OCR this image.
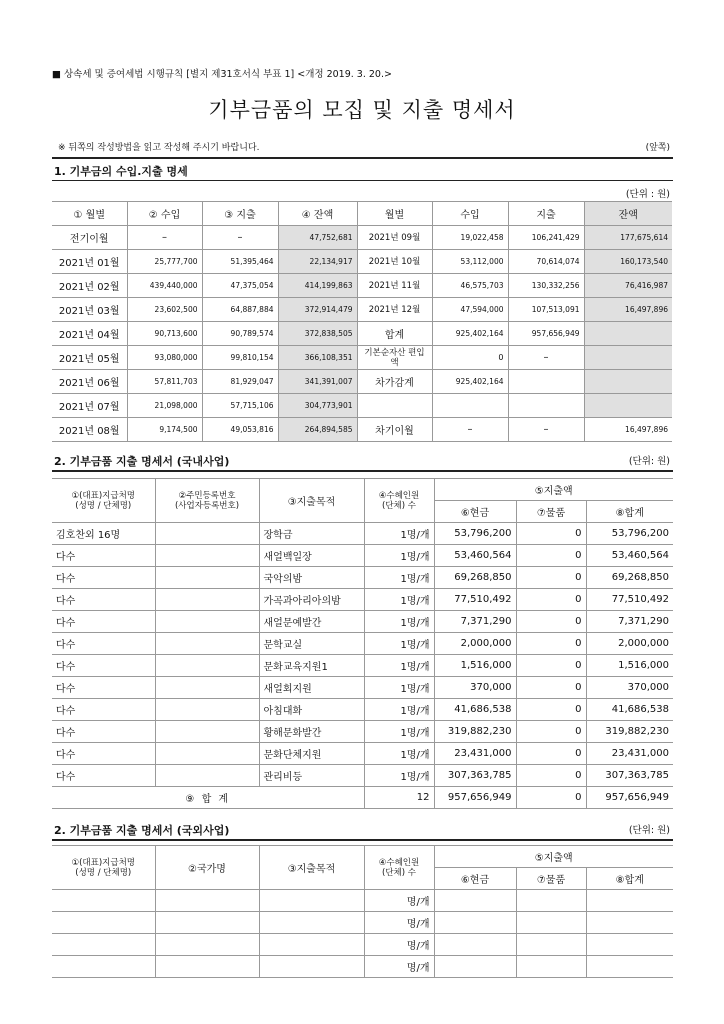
■ 상속세 및 증여세법 시행규칙 [별지 제31호서식 부표 1] <개정 2019. 3. 20.>
기부금품의 모집 및 지출 명세서
※ 뒤쪽의 작성방법을 읽고 작성해 주시기 바랍니다.	(앞쪽)
1. 기부금의 수입.지출 명세
(단위 : 원)
① 월별	② 수입	③ 지출	④ 잔액	월별	수입	지출	잔액
전기이월	–	–	47,752,681	2021년 09월	19,022,458	106,241,429	177,675,614
2021년 01월	25,777,700	51,395,464	22,134,917	2021년 10월	53,112,000	70,614,074	160,173,540
2021년 02월	439,440,000	47,375,054	414,199,863	2021년 11월	46,575,703	130,332,256	76,416,987
2021년 03월	23,602,500	64,887,884	372,914,479	2021년 12월	47,594,000	107,513,091	16,497,896
2021년 04월	90,713,600	90,789,574	372,838,505	합계	925,402,164	957,656,949	
2021년 05월	93,080,000	99,810,154	366,108,351	기본순자산 편입액	0	–	
2021년 06월	57,811,703	81,929,047	341,391,007	차가감계	925,402,164		
2021년 07월	21,098,000	57,715,106	304,773,901				
2021년 08월	9,174,500	49,053,816	264,894,585	차기이월	–	–	16,497,896
2. 기부금품 지출 명세서 (국내사업)	(단위: 원)
①(대표)지급처명
(성명 / 단체명)	②주민등록번호
(사업자등록번호)	③지출목적	④수혜인원
(단체) 수	⑤지출액		
				⑥현금	⑦물품	⑧합계
김호찬외 16명		장학금	1명/개	53,796,200	0	53,796,200
다수		새얼백일장	1명/개	53,460,564	0	53,460,564
다수		국악의밤	1명/개	69,268,850	0	69,268,850
다수		가곡과아리아의밤	1명/개	77,510,492	0	77,510,492
다수		새얼문예발간	1명/개	7,371,290	0	7,371,290
다수		문학교실	1명/개	2,000,000	0	2,000,000
다수		문화교육지원1	1명/개	1,516,000	0	1,516,000
다수		새얼회지원	1명/개	370,000	0	370,000
다수		아침대화	1명/개	41,686,538	0	41,686,538
다수		황해문화발간	1명/개	319,882,230	0	319,882,230
다수		문화단체지원	1명/개	23,431,000	0	23,431,000
다수		관리비등	1명/개	307,363,785	0	307,363,785
⑨ 합 계			12	957,656,949	0	957,656,949
2. 기부금품 지출 명세서 (국외사업)	(단위: 원)
①(대표)지급처명
(성명 / 단체명)	②국가명	③지출목적	④수혜인원
(단체) 수	⑤지출액		
				⑥현금	⑦물품	⑧합계
			명/개			
			명/개			
			명/개			
			명/개			
